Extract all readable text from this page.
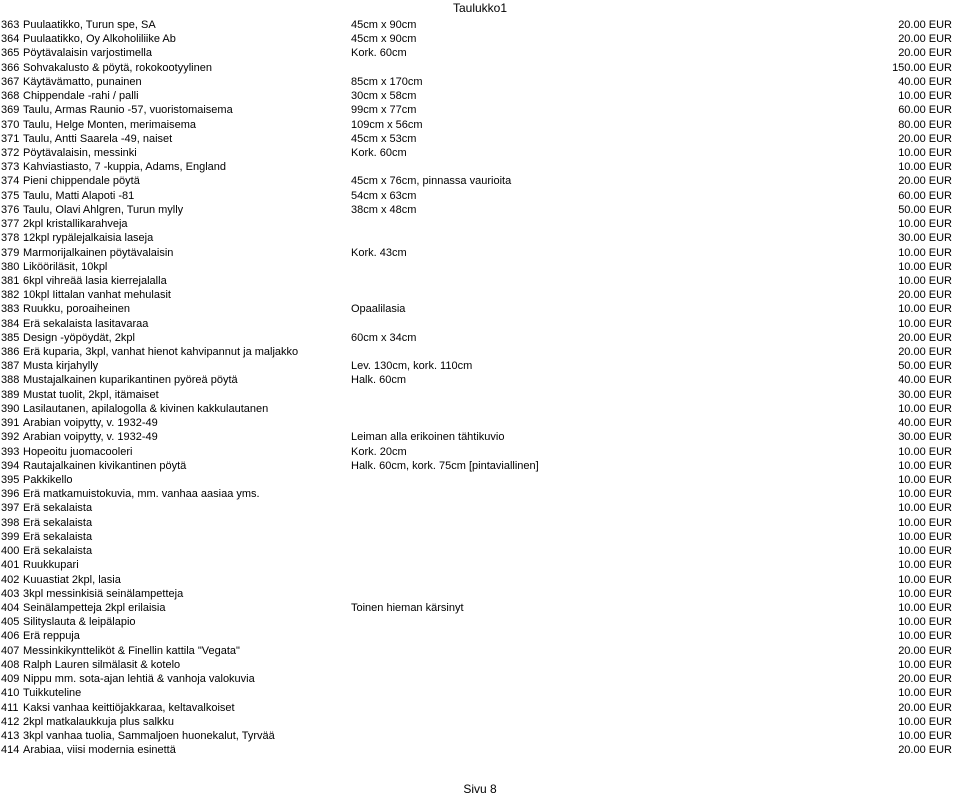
Taulukko1
363 Puulaatikko, Turun spe, SA	45cm x 90cm	20.00 EUR
364 Puulaatikko, Oy Alkoholiliike Ab	45cm x 90cm	20.00 EUR
365 Pöytävalaisin varjostimella	Kork. 60cm	20.00 EUR
366 Sohvakalusto & pöytä, rokokootyylinen	150.00 EUR
367 Käytävämatto, punainen	85cm x 170cm	40.00 EUR
368 Chippendale -rahi / palli	30cm x 58cm	10.00 EUR
369 Taulu, Armas Raunio -57, vuoristomaisema	99cm x 77cm	60.00 EUR
370 Taulu, Helge Monten, merimaisema	109cm x 56cm	80.00 EUR
371 Taulu, Antti Saarela -49, naiset	45cm x 53cm	20.00 EUR
372 Pöytävalaisin, messinki	Kork. 60cm	10.00 EUR
373 Kahviastiasto, 7 -kuppia, Adams, England	10.00 EUR
374 Pieni chippendale pöytä	45cm x 76cm, pinnassa vaurioita	20.00 EUR
375 Taulu, Matti Alapoti -81	54cm x 63cm	60.00 EUR
376 Taulu, Olavi Ahlgren, Turun mylly	38cm x 48cm	50.00 EUR
377 2kpl kristallikarahveja	10.00 EUR
378 12kpl rypälejalkaisia laseja	30.00 EUR
379 Marmorijalkainen pöytävalaisin	Kork. 43cm	10.00 EUR
380 Likööriläsit, 10kpl	10.00 EUR
381 6kpl vihreää lasia kierrejalalla	10.00 EUR
382 10kpl Iittalan vanhat mehulasit	20.00 EUR
383 Ruukku, poroaiheinen	Opaalilasia	10.00 EUR
384 Erä sekalaista lasitavaraa	10.00 EUR
385 Design -yöpöydät, 2kpl	60cm x 34cm	20.00 EUR
386 Erä kuparia, 3kpl, vanhat hienot kahvipannut ja maljakko	20.00 EUR
387 Musta kirjahylly	Lev. 130cm, kork. 110cm	50.00 EUR
388 Mustajalkainen kuparikantinen pyöreä pöytä	Halk. 60cm	40.00 EUR
389 Mustat tuolit, 2kpl, itämaiset	30.00 EUR
390 Lasilautanen, apilalogolla & kivinen kakkulautanen	10.00 EUR
391 Arabian voipytty, v. 1932-49	40.00 EUR
392 Arabian voipytty, v. 1932-49	Leiman alla erikoinen tähtikuvio	30.00 EUR
393 Hopeoitu juomacooleri	Kork. 20cm	10.00 EUR
394 Rautajalkainen kivikantinen pöytä	Halk. 60cm, kork. 75cm [pintaviallinen]	10.00 EUR
395 Pakkikello	10.00 EUR
396 Erä matkamuistokuvia, mm. vanhaa aasiaa yms.	10.00 EUR
397 Erä sekalaista	10.00 EUR
398 Erä sekalaista	10.00 EUR
399 Erä sekalaista	10.00 EUR
400 Erä sekalaista	10.00 EUR
401 Ruukkupari	10.00 EUR
402 Kuuastiat 2kpl, lasia	10.00 EUR
403 3kpl messinkisiä seinälampetteja	10.00 EUR
404 Seinälampetteja 2kpl erilaisia	Toinen hieman kärsinyt	10.00 EUR
405 Silityslauta & leipälapio	10.00 EUR
406 Erä reppuja	10.00 EUR
407 Messinkikyntteliköt & Finellin kattila "Vegata"	20.00 EUR
408 Ralph Lauren silmälasit & kotelo	10.00 EUR
409 Nippu mm. sota-ajan lehtiä & vanhoja valokuvia	20.00 EUR
410 Tuikkuteline	10.00 EUR
411 Kaksi vanhaa keittiöjakkaraa, keltavalkoiset	20.00 EUR
412 2kpl matkalaukkuja plus salkku	10.00 EUR
413 3kpl vanhaa tuolia, Sammaljoen huonekalut, Tyrvää	10.00 EUR
414 Arabiaa, viisi modernia esinettä	20.00 EUR
Sivu 8
